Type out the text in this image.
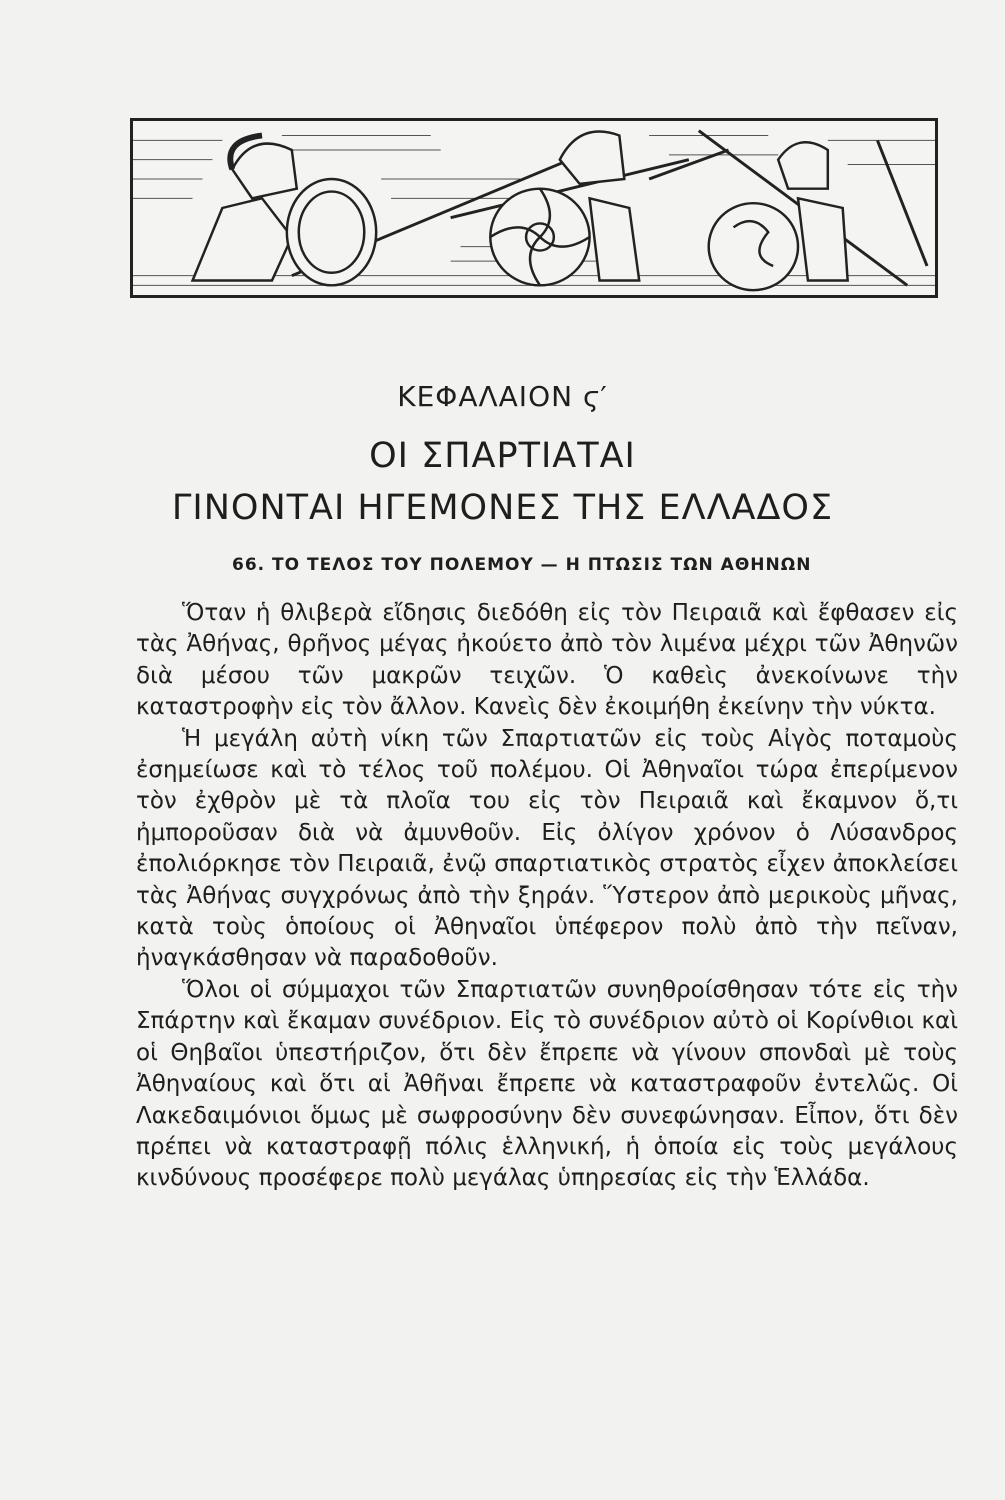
ΚΕΦΑΛΑΙΟΝ ϛ′
ΟΙ ΣΠΑΡΤΙΑΤΑΙ
ΓΙΝΟΝΤΑΙ ΗΓΕΜΟΝΕΣ ΤΗΣ ΕΛΛΑΔΟΣ
66. ΤΟ ΤΕΛΟΣ ΤΟΥ ΠΟΛΕΜΟΥ — Η ΠΤΩΣΙΣ ΤΩΝ ΑΘΗΝΩΝ

Ὅταν ἡ θλιβερὰ εἴδησις διεδόθη εἰς τὸν Πειραιᾶ καὶ ἔφθασεν εἰς τὰς Ἀθήνας, θρῆνος μέγας ἠκούετο ἀπὸ τὸν λιμένα μέχρι τῶν Ἀθηνῶν διὰ μέσου τῶν μακρῶν τειχῶν. Ὁ καθεὶς ἀνεκοίνωνε τὴν καταστροφὴν εἰς τὸν ἄλλον. Κανεὶς δὲν ἐκοιμήθη ἐκείνην τὴν νύκτα.

Ἡ μεγάλη αὐτὴ νίκη τῶν Σπαρτιατῶν εἰς τοὺς Αἰγὸς ποταμοὺς ἐσημείωσε καὶ τὸ τέλος τοῦ πολέμου. Οἱ Ἀθηναῖοι τώρα ἐπερίμενον τὸν ἐχθρὸν μὲ τὰ πλοῖα του εἰς τὸν Πειραιᾶ καὶ ἔκαμνον ὅ,τι ἠμποροῦσαν διὰ νὰ ἀμυνθοῦν. Εἰς ὀλίγον χρόνον ὁ Λύσανδρος ἐπολιόρκησε τὸν Πειραιᾶ, ἐνῷ σπαρτιατικὸς στρατὸς εἶχεν ἀποκλείσει τὰς Ἀθήνας συγχρόνως ἀπὸ τὴν ξηράν. Ὕστερον ἀπὸ μερικοὺς μῆνας, κατὰ τοὺς ὁποίους οἱ Ἀθηναῖοι ὑπέφερον πολὺ ἀπὸ τὴν πεῖναν, ἠναγκάσθησαν νὰ παραδοθοῦν.

Ὅλοι οἱ σύμμαχοι τῶν Σπαρτιατῶν συνηθροίσθησαν τότε εἰς τὴν Σπάρτην καὶ ἔκαμαν συνέδριον. Εἰς τὸ συνέδριον αὐτὸ οἱ Κορίνθιοι καὶ οἱ Θηβαῖοι ὑπεστήριζον, ὅτι δὲν ἔπρεπε νὰ γίνουν σπονδαὶ μὲ τοὺς Ἀθηναίους καὶ ὅτι αἱ Ἀθῆναι ἔπρεπε νὰ καταστραφοῦν ἐντελῶς. Οἱ Λακεδαιμόνιοι ὅμως μὲ σωφροσύνην δὲν συνεφώνησαν. Εἶπον, ὅτι δὲν πρέπει νὰ καταστραφῇ πόλις ἑλληνική, ἡ ὁποία εἰς τοὺς μεγάλους κινδύνους προσέφερε πολὺ μεγάλας ὑπηρεσίας εἰς τὴν Ἑλλάδα.
